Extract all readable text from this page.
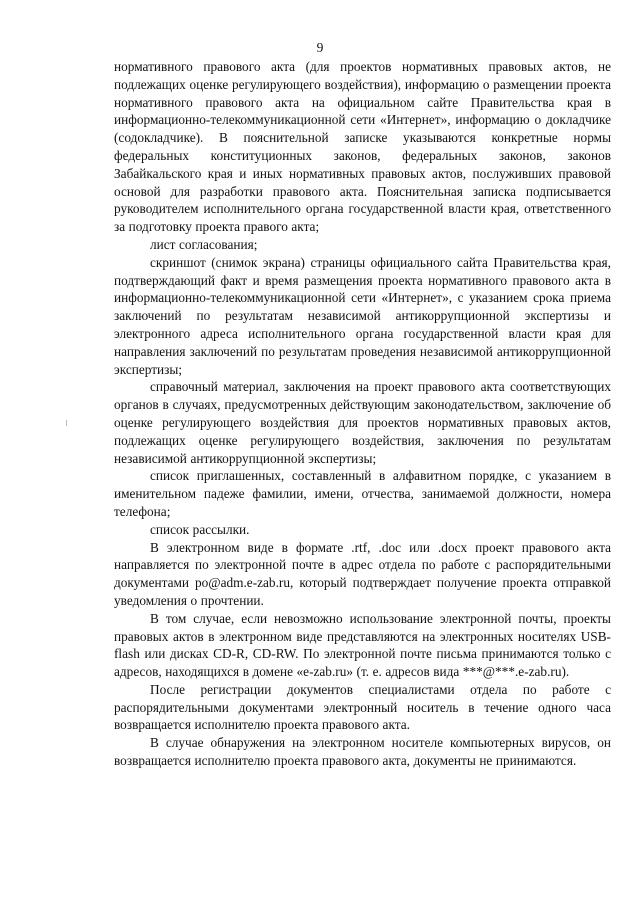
9

нормативного правового акта (для проектов нормативных правовых актов, не подлежащих оценке регулирующего воздействия), информацию о размещении проекта нормативного правового акта на официальном сайте Правительства края в информационно-телекоммуникационной сети «Интернет», информацию о докладчике (содокладчике). В пояснительной записке указываются конкретные нормы федеральных конституционных законов, федеральных законов, законов Забайкальского края и иных нормативных правовых актов, послуживших правовой основой для разработки правового акта. Пояснительная записка подписывается руководителем исполнительного органа государственной власти края, ответственного за подготовку проекта правого акта;

лист согласования;

скриншот (снимок экрана) страницы официального сайта Правительства края, подтверждающий факт и время размещения проекта нормативного правового акта в информационно-телекоммуникационной сети «Интернет», с указанием срока приема заключений по результатам независимой антикоррупционной экспертизы и электронного адреса исполнительного органа государственной власти края для направления заключений по результатам проведения независимой антикоррупционной экспертизы;

справочный материал, заключения на проект правового акта соответствующих органов в случаях, предусмотренных действующим законодательством, заключение об оценке регулирующего воздействия для проектов нормативных правовых актов, подлежащих оценке регулирующего воздействия, заключения по результатам независимой антикоррупционной экспертизы;

список приглашенных, составленный в алфавитном порядке, с указанием в именительном падеже фамилии, имени, отчества, занимаемой должности, номера телефона;

список рассылки.

В электронном виде в формате .rtf, .doc или .docx проект правового акта направляется по электронной почте в адрес отдела по работе с распорядительными документами po@adm.e-zab.ru, который подтверждает получение проекта отправкой уведомления о прочтении.

В том случае, если невозможно использование электронной почты, проекты правовых актов в электронном виде представляются на электронных носителях USB-flash или дисках CD-R, CD-RW. По электронной почте письма принимаются только с адресов, находящихся в домене «e-zab.ru» (т. е. адресов вида ***@***.e-zab.ru).

После регистрации документов специалистами отдела по работе с распорядительными документами электронный носитель в течение одного часа возвращается исполнителю проекта правового акта.

В случае обнаружения на электронном носителе компьютерных вирусов, он возвращается исполнителю проекта правового акта, документы не принимаются.
